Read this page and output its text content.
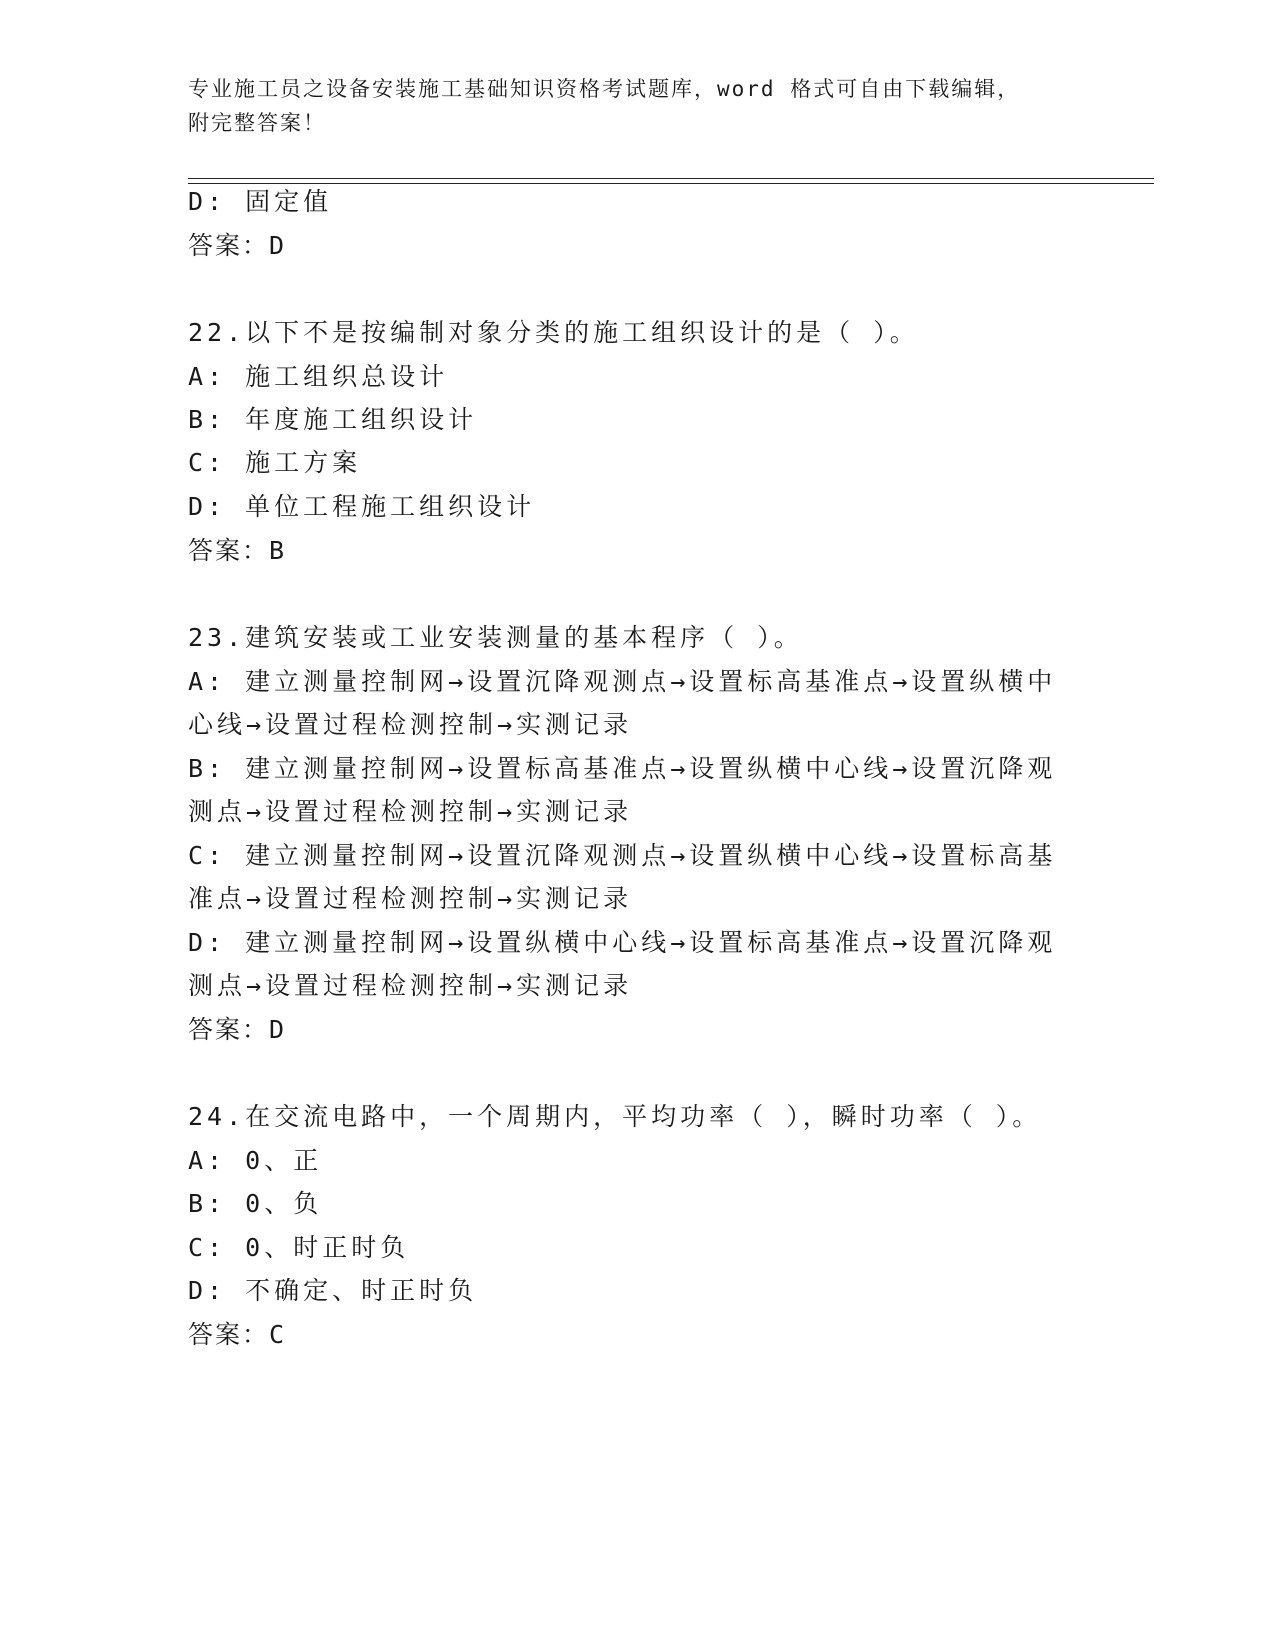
专业施工员之设备安装施工基础知识资格考试题库，word 格式可自由下载编辑，
附完整答案！
D: 固定值
答案：D
22.以下不是按编制对象分类的施工组织设计的是（ ）。
A: 施工组织总设计
B: 年度施工组织设计
C: 施工方案
D: 单位工程施工组织设计
答案：B
23.建筑安装或工业安装测量的基本程序（ ）。
A: 建立测量控制网→设置沉降观测点→设置标高基准点→设置纵横中
心线→设置过程检测控制→实测记录
B: 建立测量控制网→设置标高基准点→设置纵横中心线→设置沉降观
测点→设置过程检测控制→实测记录
C: 建立测量控制网→设置沉降观测点→设置纵横中心线→设置标高基
准点→设置过程检测控制→实测记录
D: 建立测量控制网→设置纵横中心线→设置标高基准点→设置沉降观
测点→设置过程检测控制→实测记录
答案：D
24.在交流电路中，一个周期内，平均功率（ ），瞬时功率（ ）。
A: 0、正
B: 0、负
C: 0、时正时负
D: 不确定、时正时负
答案：C
